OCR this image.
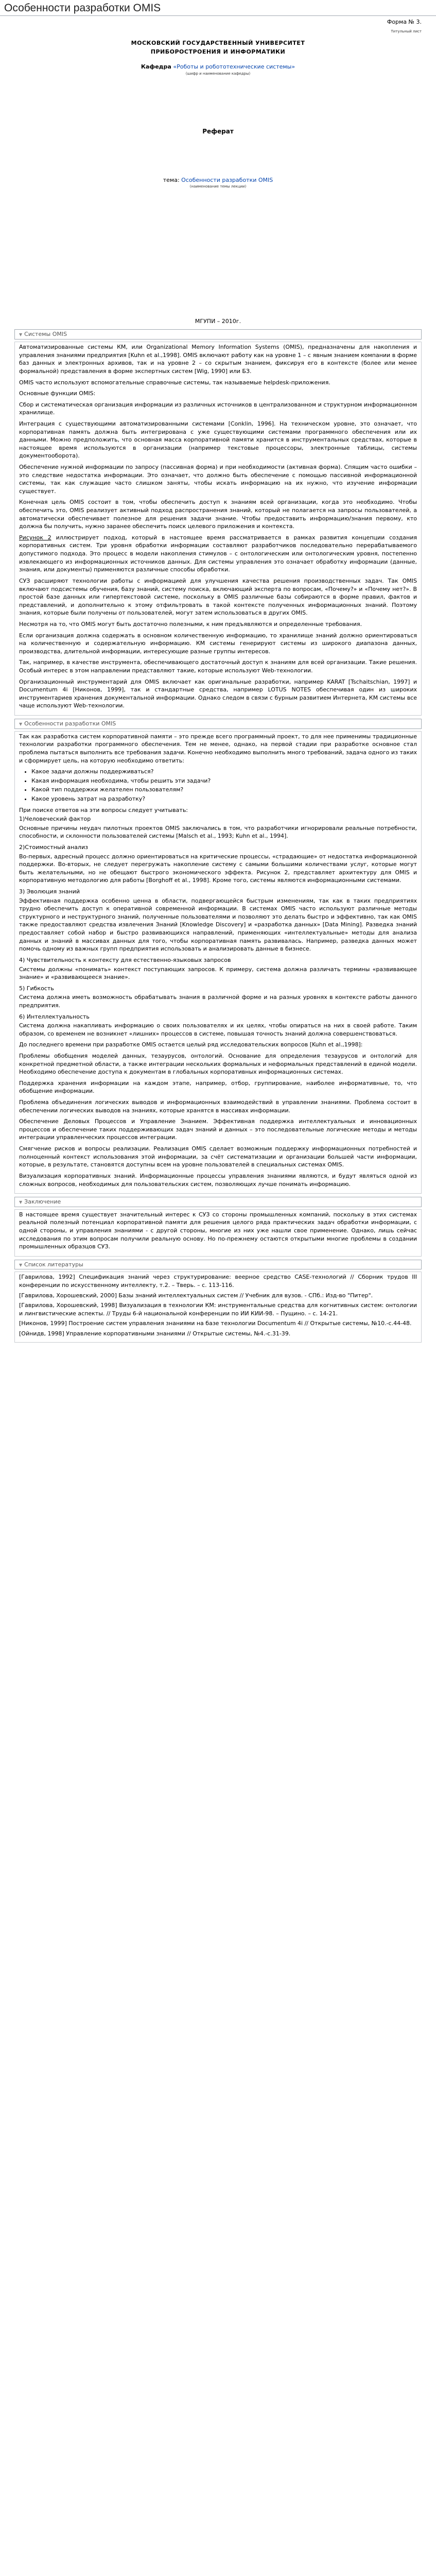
Особенности разработки OMIS
Форма № 3.
Титульный лист
МОСКОВСКИЙ ГОСУДАРСТВЕННЫЙ УНИВЕРСИТЕТ
ПРИБОРОСТРОЕНИЯ И ИНФОРМАТИКИ
Кафедра «Роботы и робототехнические системы»
(шифр и наименование кафедры)
Реферат
тема: Особенности разработки OMIS
(наименование темы лекции)
МГУПИ – 2010г.
▼ Системы OMIS

Автоматизированные системы КМ, или Organizational Memory Information Systems (OMIS), предназначены для накопления и управления знаниями предприятия [Kuhn et al.,1998]. OMIS включают работу как на уровне 1 – с явным знанием компании в форме баз данных и электронных архивов, так и на уровне 2 – со скрытым знанием, фиксируя его в контексте (более или менее формальной) представления в форме экспертных систем [Wig, 1990] или БЗ.

OMIS часто используют вспомогательные справочные системы, так называемые helpdesk-приложения.

Основные функции OMIS:

Сбор и систематическая организация информации из различных источников в централизованном и структурном информационном хранилище.

Интеграция с существующими автоматизированными системами [Conklin, 1996]. На техническом уровне, это означает, что корпоративная память должна быть интегрирована с уже существующими системами программного обеспечения или их данными. Можно предположить, что основная масса корпоративной памяти хранится в инструментальных средствах, которые в настоящее время используются в организации (например текстовые процессоры, электронные таблицы, системы документооборота).

Обеспечение нужной информации по запросу (пассивная форма) и при необходимости (активная форма). Спящим часто ошибки – это следствие недостатка информации. Это означает, что должно быть обеспечение с помощью пассивной информационной системы, так как служащие часто слишком заняты, чтобы искать информацию на их нужно, что изучение информации существует.

Конечная цель OMIS состоит в том, чтобы обеспечить доступ к знаниям всей организации, когда это необходимо. Чтобы обеспечить это, OMIS реализует активный подход распространения знаний, который не полагается на запросы пользователей, а автоматически обеспечивает полезное для решения задачи знание. Чтобы предоставить информацию/знания первому, кто должна бы получить, нужно заранее обеспечить поиск целевого приложения и контекста.

Рисунок 2 иллюстрирует подход, который в настоящее время рассматривается в рамках развития концепции создания корпоративных систем. Три уровня обработки информации составляют разработчиков последовательно перерабатываемого допустимого подхода. Это процесс в модели накопления стимулов – с онтологическим или онтологическим уровня, постепенно извлекающего из информационных источников данных. Для системы управления это означает обработку информации (данные, знания, или документы) применяются различные способы обработки.

СУЗ расширяют технологии работы с информацией для улучшения качества решения производственных задач. Так OMIS включают подсистемы обучения, базу знаний, систему поиска, включающий эксперта по вопросам, «Почему?» и «Почему нет?». В простой базе данных или гипертекстовой системе, поскольку в OMIS различные базы собираются в форме правил, фактов и представлений, и дополнительно к этому отфильтровать в такой контексте полученных информационных знаний. Поэтому знания, которые были получены от пользователей, могут затем использоваться в других OMIS.

Несмотря на то, что OMIS могут быть достаточно полезными, к ним предъявляются и определенные требования.

Если организация должна содержать в основном количественную информацию, то хранилище знаний должно ориентироваться на количественную и содержательную информацию. КМ системы генерируют системы из широкого диапазона данных, производства, длительной информации, интересующие разные группы интересов.

Так, например, в качестве инструмента, обеспечивающего достаточный доступ к знаниям для всей организации. Такие решения. Особый интерес в этом направлении представляют такие, которые используют Web-технологии.

Организационный инструментарий для OMIS включает как оригинальные разработки, например KARAT [Tschaitschian, 1997] и Documentum 4i [Никонов, 1999], так и стандартные средства, например LOTUS NOTES обеспечивая один из широких инструментариев хранения документальной информации. Однако следом в связи с бурным развитием Интернета, КМ системы все чаще используют Web-технологии.

▼ Особенности разработки OMIS

Так как разработка систем корпоративной памяти – это прежде всего программный проект, то для нее применимы традиционные технологии разработки программного обеспечения. Тем не менее, однако, на первой стадии при разработке основное стал проблема пытаться выполнить все требования задачи. Конечно необходимо выполнить много требований, задача одного из таких и сформирует цель, на которую необходимо ответить:

• Какое задачи должны поддерживаться?
• Какая информация необходима, чтобы решить эти задачи?
• Какой тип поддержки желателен пользователям?
• Какое уровень затрат на разработку?

При поиске ответов на эти вопросы следует учитывать:

1)Человеческий фактор

Основные причины неудач пилотных проектов OMIS заключались в том, что разработчики игнорировали реальные потребности, способности, и склонности пользователей системы [Malsch et al., 1993; Kuhn et al., 1994].

2)Стоимостный анализ

Во-первых, адресный процесс должно ориентироваться на критические процессы, «страдающие» от недостатка информационной поддержки. Во-вторых, не следует перегружать накопление систему с самыми большими количествами услуг, которые могут быть желательными, но не обещают быстрого экономического эффекта. Рисунок 2, представляет архитектуру для OMIS и корпоративную методологию для работы [Borghoff et al., 1998]. Кроме того, системы являются информационными системами.

3) Эволюция знаний

Эффективная поддержка особенно ценна в области, подвергающейся быстрым изменениям, так как в таких предприятиях трудно обеспечить доступ к оперативной современной информации. В системах OMIS часто используют различные методы структурного и неструктурного знаний, полученные пользователями и позволяют это делать быстро и эффективно, так как OMIS также предоставляют средства извлечения Знаний [Knowledge Discovery] и «разработка данных» [Data Mining]. Разведка знаний предоставляет собой набор и быстро развивающихся направлений, применяющих «интеллектуальные» методы для анализа данных и знаний в массивах данных для того, чтобы корпоративная память развивалась. Например, разведка данных может помочь одному из важных групп предприятия использовать и анализировать данные в бизнесе.

4) Чувствительность к контексту для естественно-языковых запросов

Системы должны «понимать» контекст поступающих запросов. К примеру, система должна различать термины «развивающее знание» и «развивающееся знание».

5) Гибкость

Система должна иметь возможность обрабатывать знания в различной форме и на разных уровнях в контексте работы данного предприятия.

6) Интеллектуальность

Система должна накапливать информацию о своих пользователях и их целях, чтобы опираться на них в своей работе. Таким образом, со временем не возникнет «лишних» процессов в системе, повышая точность знаний должна совершенствоваться.

До последнего времени при разработке OMIS остается целый ряд исследовательских вопросов [Kuhn et al.,1998]:

Проблемы обобщения моделей данных, тезаурусов, онтологий. Основание для определения тезаурусов и онтологий для конкретной предметной области, а также интеграции нескольких формальных и неформальных представлений в единой модели. Необходимо обеспечение доступа к документам в глобальных корпоративных информационных системах.

Поддержка хранения информации на каждом этапе, например, отбор, группирование, наиболее информативные, то, что обобщение информации.

Проблема объединения логических выводов и информационных взаимодействий в управлении знаниями. Проблема состоит в обеспечении логических выводов на знаниях, которые хранятся в массивах информации.

Обеспечение Деловых Процессов и Управление Знанием. Эффективная поддержка интеллектуальных и инновационных процессов и обеспечение таких поддерживающих задач знаний и данных – это последовательные логические методы и методы интеграции управленческих процессов интеграции.

Смягчение рисков и вопросы реализации. Реализация OMIS сделает возможным поддержку информационных потребностей и полноценный контекст использования этой информации, за счёт систематизации и организации большей части информации, которые, в результате, становятся доступны всем на уровне пользователей в специальных системах OMIS.

Визуализация корпоративных знаний. Информационные процессы управления знаниями являются, и будут являться одной из сложных вопросов, необходимых для пользовательских систем, позволяющих лучше понимать информацию.

▼ Заключение

В настоящее время существует значительный интерес к СУЗ со стороны промышленных компаний, поскольку в этих системах реальной полезный потенциал корпоративной памяти для решения целого ряда практических задач обработки информации, с одной стороны, и управления знаниями - с другой стороны, многие из них уже нашли свое применение. Однако, лишь сейчас исследования по этим вопросам получили реальную основу. Но по-прежнему остаются открытыми многие проблемы в создании промышленных образцов СУЗ.

▼ Список литературы

[Гаврилова, 1992] Спецификация знаний через структурирование: веерное средство CASE-технологий // Сборник трудов III конференции по искусственному интеллекту, т.2. – Тверь. – с. 113-116.

[Гаврилова, Хорошевский, 2000] Базы знаний интеллектуальных систем // Учебник для вузов. - СПб.: Изд-во "Питер".

[Гаврилова, Хорошевский, 1998] Визуализация в технологии КМ: инструментальные средства для когнитивных систем: онтологии и лингвистические аспекты. // Труды 6-й национальной конференции по ИИ КИИ-98. – Пущино. – с. 14-21.

[Никонов, 1999] Построение систем управления знаниями на базе технологии Documentum 4i // Открытые системы, №10.-с.44-48.

[Ойнидв, 1998] Управление корпоративными знаниями // Открытые системы, №4.-с.31-39.
